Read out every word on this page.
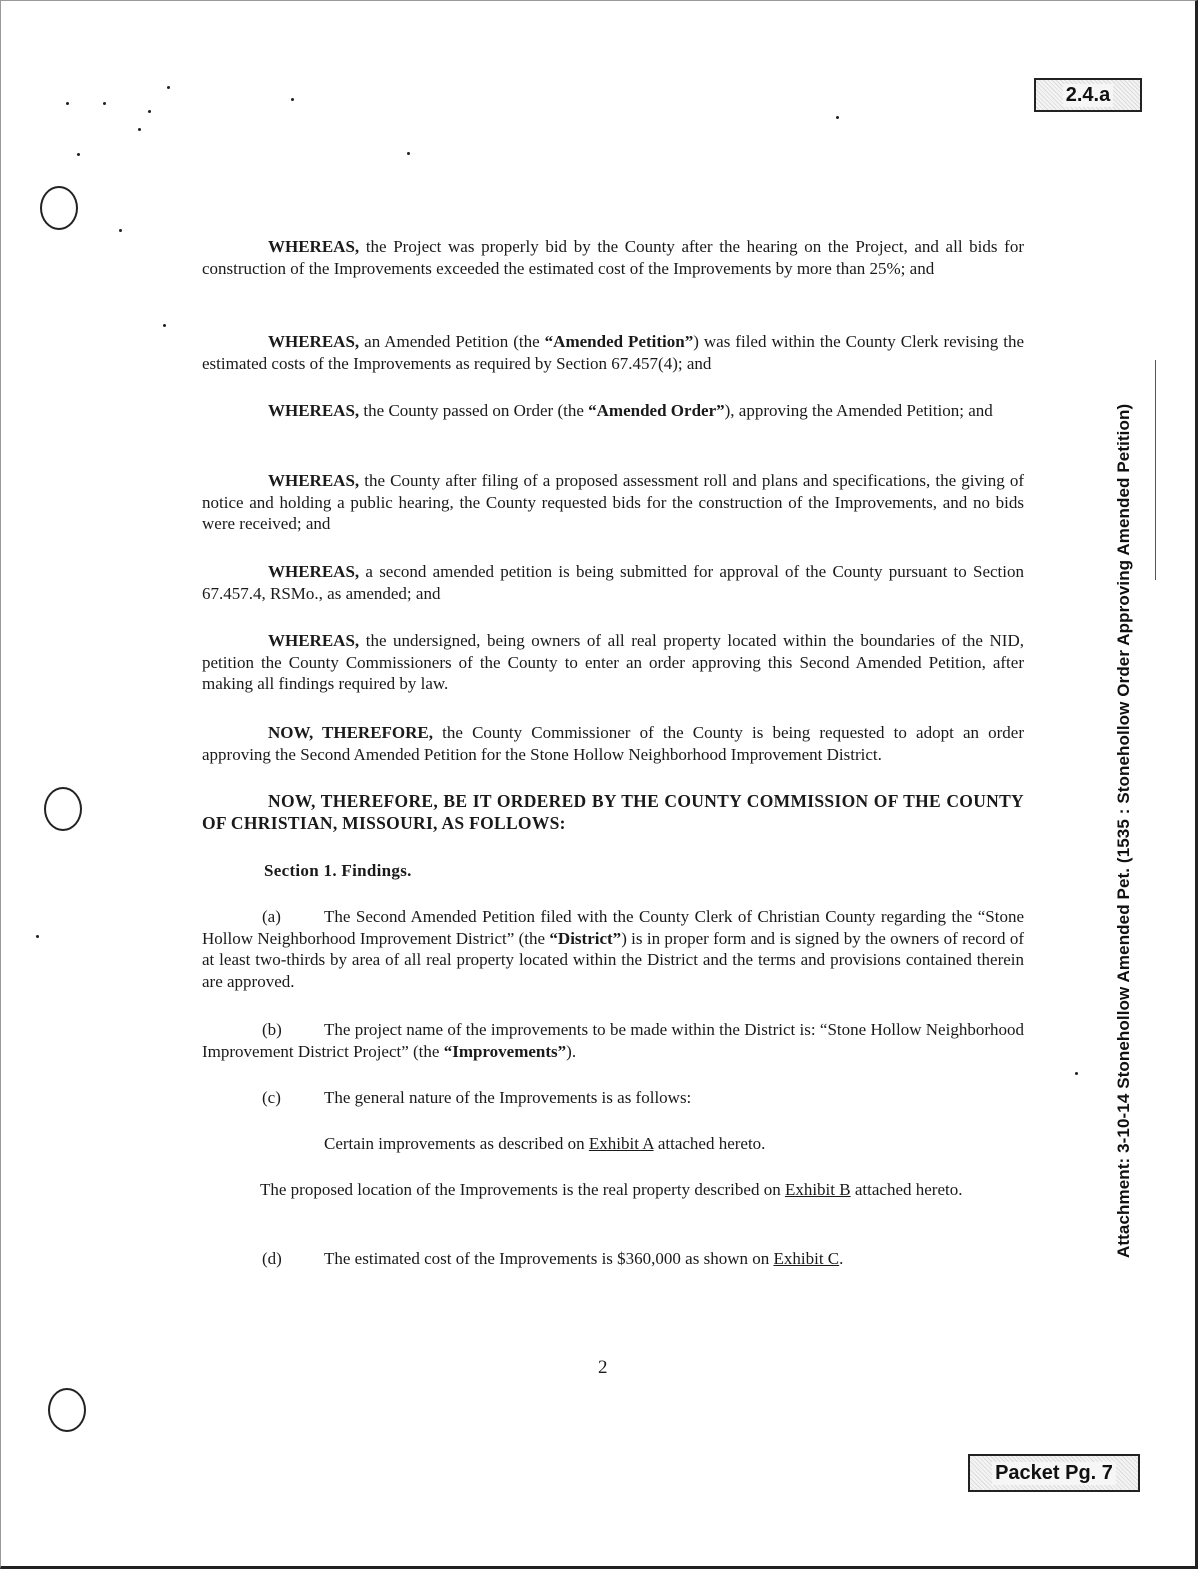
2.4.a
Attachment: 3-10-14 Stonehollow Amended Pet. (1535 : Stonehollow Order Approving Amended Petition)

WHEREAS, the Project was properly bid by the County after the hearing on the Project, and all bids for construction of the Improvements exceeded the estimated cost of the Improvements by more than 25%; and

WHEREAS, an Amended Petition (the “Amended Petition”) was filed within the County Clerk revising the estimated costs of the Improvements as required by Section 67.457(4); and

WHEREAS, the County passed on Order (the “Amended Order”), approving the Amended Petition; and

WHEREAS, the County after filing of a proposed assessment roll and plans and specifications, the giving of notice and holding a public hearing, the County requested bids for the construction of the Improvements, and no bids were received; and

WHEREAS, a second amended petition is being submitted for approval of the County pursuant to Section 67.457.4, RSMo., as amended; and

WHEREAS, the undersigned, being owners of all real property located within the boundaries of the NID, petition the County Commissioners of the County to enter an order approving this Second Amended Petition, after making all findings required by law.

NOW, THEREFORE, the County Commissioner of the County is being requested to adopt an order approving the Second Amended Petition for the Stone Hollow Neighborhood Improvement District.

NOW, THEREFORE, BE IT ORDERED BY THE COUNTY COMMISSION OF THE COUNTY OF CHRISTIAN, MISSOURI, AS FOLLOWS:

Section 1. Findings.

(a)	The Second Amended Petition filed with the County Clerk of Christian County regarding the “Stone Hollow Neighborhood Improvement District” (the “District”) is in proper form and is signed by the owners of record of at least two-thirds by area of all real property located within the District and the terms and provisions contained therein are approved.

(b) The project name of the improvements to be made within the District is: “Stone Hollow Neighborhood Improvement District Project” (the “Improvements”).

(c)	The general nature of the Improvements is as follows:
Certain improvements as described on Exhibit A attached hereto.

The proposed location of the Improvements is the real property described on Exhibit B attached hereto.

(d) The estimated cost of the Improvements is $360,000 as shown on Exhibit C.
2
Packet Pg. 7
